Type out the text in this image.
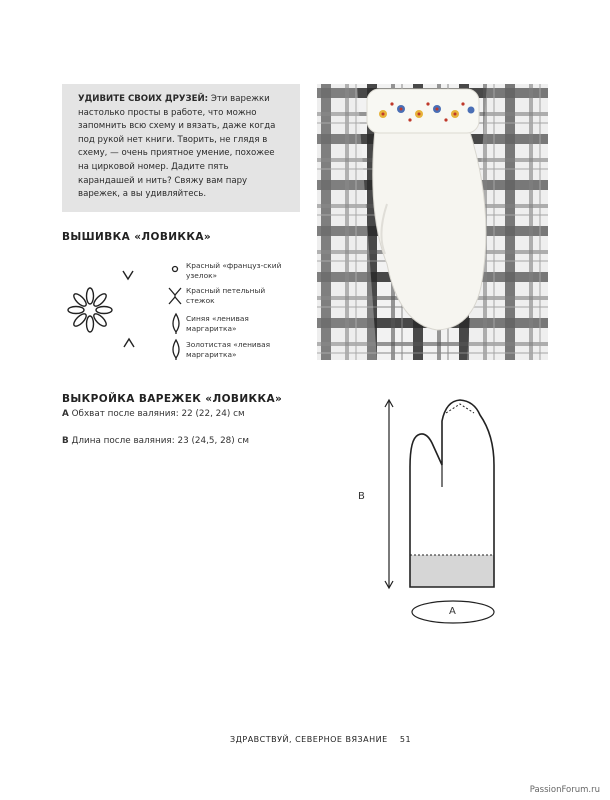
УДИВИТЕ СВОИХ ДРУЗЕЙ: Эти варежки настолько просты в работе, что можно запомнить всю схему и вязать, даже когда под рукой нет книги. Творить, не глядя в схему, — очень приятное умение, похожее на цирковой номер. Дадите пять карандашей и нить? Свяжу вам пару варежек, а вы удивляйтесь.
ВЫШИВКА «ЛОВИККА»
Красный «француз-ский узелок»
Красный петельный стежок
Синяя «ленивая маргаритка»
Золотистая «ленивая маргаритка»
ВЫКРОЙКА ВАРЕЖЕК «ЛОВИККА»
A Обхват после валяния: 22 (22, 24) см
B Длина после валяния: 23 (24,5, 28) см
B
A
ЗДРАВСТВУЙ, СЕВЕРНОЕ ВЯЗАНИЕ 51
PassionForum.ru
